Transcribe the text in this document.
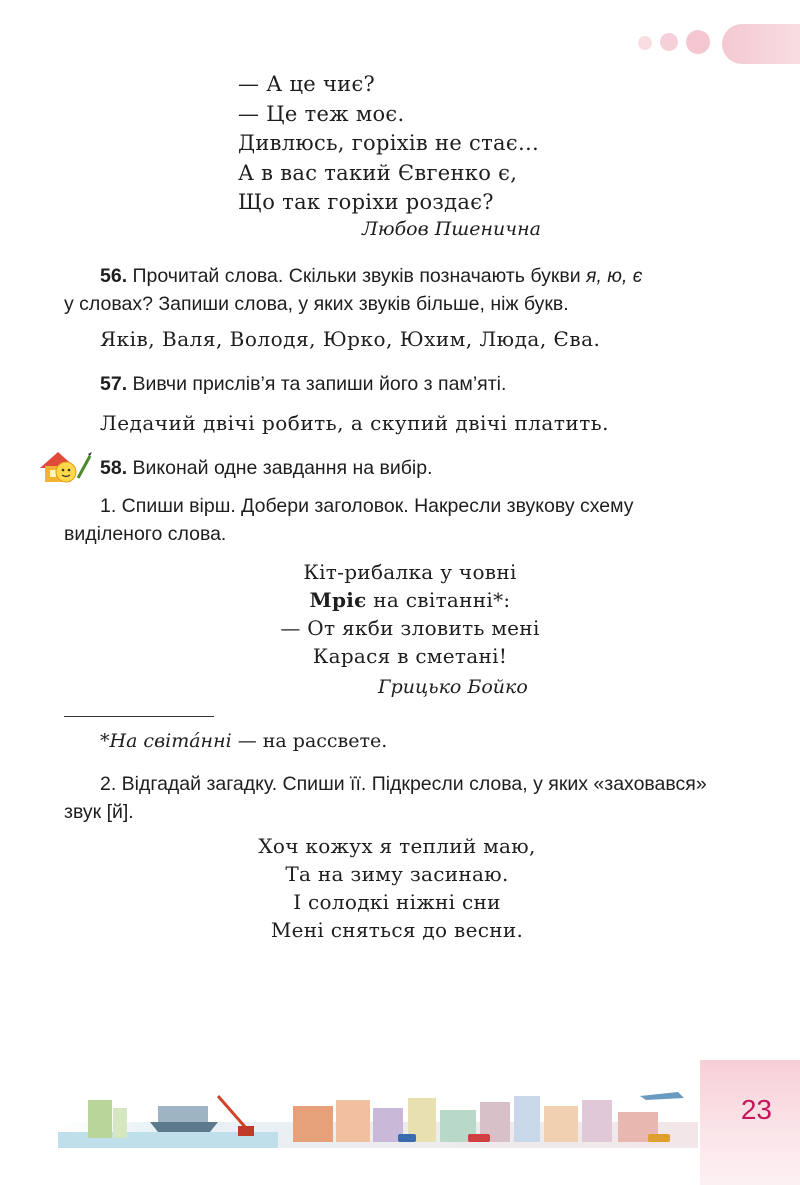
— А це чиє?
— Це теж моє.
Дивлюсь, горіхів не стає…
А в вас такий Євгенко є,
Що так горіхи роздає?
Любов Пшенична
56. Прочитай слова. Скільки звуків позначають букви я, ю, є
у словах? Запиши слова, у яких звуків більше, ніж букв.
Яків, Валя, Володя, Юрко, Юхим, Люда, Єва.
57. Вивчи прислів’я та запиши його з пам’яті.
Ледачий двічі робить, а скупий двічі платить.
58. Виконай одне завдання на вибір.
1. Спиши вірш. Добери заголовок. Накресли звукову схему виділеного слова.
Кіт-рибалка у човні
Мріє на світанні*:
— От якби зловить мені
Карася в сметані!
Грицько Бойко
*На світáнні — на рассвете.
2. Відгадай загадку. Спиши її. Підкресли слова, у яких «заховався» звук [й].
Хоч кожух я теплий маю,
Та на зиму засинаю.
І солодкі ніжні сни
Мені сняться до весни.
23
